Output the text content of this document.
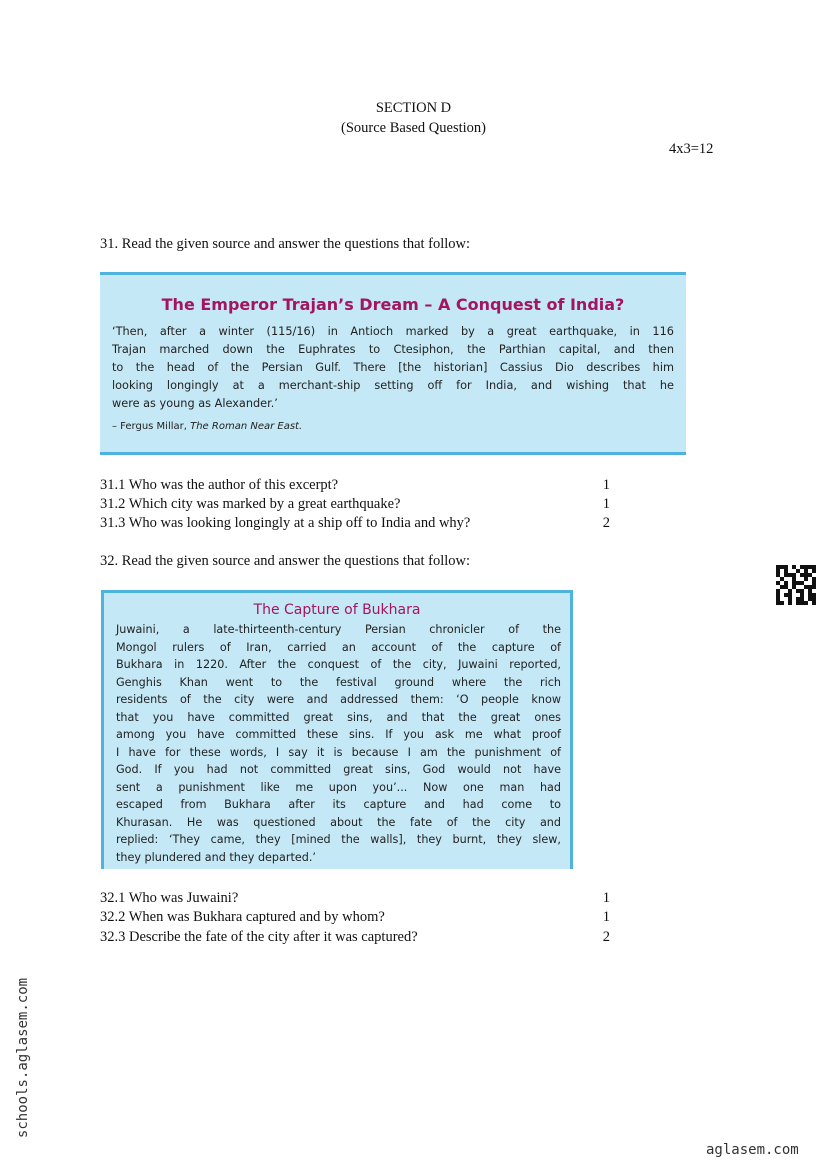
SECTION D
(Source Based Question)
4x3=12
31. Read the given source and answer the questions that follow:
The Emperor Trajan’s Dream – A Conquest of India?
‘Then, after a winter (115/16) in Antioch marked by a great earthquake, in 116
Trajan marched down the Euphrates to Ctesiphon, the Parthian capital, and then
to the head of the Persian Gulf. There [the historian] Cassius Dio describes him
looking longingly at a merchant-ship setting off for India, and wishing that he
were as young as Alexander.’
– Fergus Millar, The Roman Near East.
31.1 Who was the author of this excerpt?	1
31.2 Which city was marked by a great earthquake?	1
31.3 Who was looking longingly at a ship off to India and why?	2
32. Read the given source and answer the questions that follow:
The Capture of Bukhara
Juwaini, a late-thirteenth-century Persian chronicler of the
Mongol rulers of Iran, carried an account of the capture of
Bukhara in 1220. After the conquest of the city, Juwaini reported,
Genghis Khan went to the festival ground where the rich
residents of the city were and addressed them: ‘O people know
that you have committed great sins, and that the great ones
among you have committed these sins. If you ask me what proof
I have for these words, I say it is because I am the punishment of
God. If you had not committed great sins, God would not have
sent a punishment like me upon you’... Now one man had
escaped from Bukhara after its capture and had come to
Khurasan. He was questioned about the fate of the city and
replied: ‘They came, they [mined the walls], they burnt, they slew,
they plundered and they departed.’
32.1 Who was Juwaini?	1
32.2 When was Bukhara captured and by whom?	1
32.3 Describe the fate of the city after it was captured?	2
schools.aglasem.com
aglasem.com
